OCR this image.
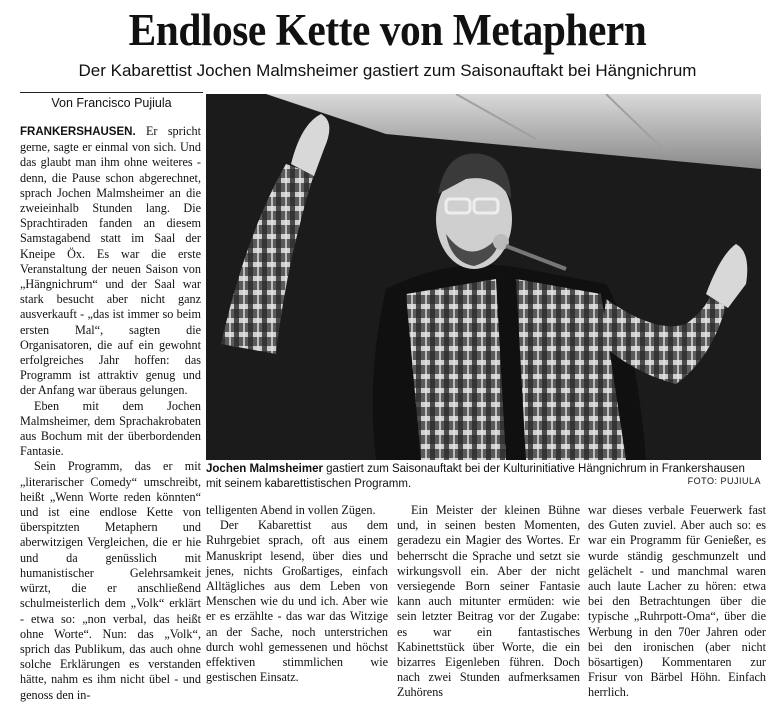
Endlose Kette von Metaphern
Der Kabarettist Jochen Malmsheimer gastiert zum Saisonauftakt bei Hängnichrum
Von Francisco Pujiula
Jochen Malmsheimer gastiert zum Saisonauftakt bei der Kulturinitiative Hängnichrum in Frankershausen mit seinem kabarettistischen Programm.	FOTO: PUJIULA

FRANKERSHAUSEN. Er spricht gerne, sagte er einmal von sich. Und das glaubt man ihm ohne weiteres - denn, die Pause schon abgerechnet, sprach Jochen Malmsheimer an die zweieinhalb Stunden lang. Die Sprachtiraden fanden an diesem Samstagabend statt im Saal der Kneipe Öx. Es war die erste Veranstaltung der neuen Saison von „Hängnichrum“ und der Saal war stark besucht aber nicht ganz ausverkauft - „das ist immer so beim ersten Mal“, sagten die Organisatoren, die auf ein gewohnt erfolgreiches Jahr hoffen: das Programm ist attraktiv genug und der Anfang war überaus gelungen.

Eben mit dem Jochen Malmsheimer, dem Sprachakrobaten aus Bochum mit der überbordenden Fantasie.

Sein Programm, das er mit „literarischer Comedy“ umschreibt, heißt „Wenn Worte reden könnten“ und ist eine endlose Kette von überspitzten Metaphern und aberwitzigen Vergleichen, die er hie und da genüsslich mit humanistischer Gelehrsamkeit würzt, die er anschließend schulmeisterlich dem „Volk“ erklärt - etwa so: „non verbal, das heißt ohne Worte“. Nun: das „Volk“, sprich das Publikum, das auch ohne solche Erklärungen es verstanden hätte, nahm es ihm nicht übel - und genoss den in-

telligenten Abend in vollen Zügen.

Der Kabarettist aus dem Ruhrgebiet sprach, oft aus einem Manuskript lesend, über dies und jenes, nichts Großartiges, einfach Alltägliches aus dem Leben von Menschen wie du und ich. Aber wie er es erzählte - das war das Witzige an der Sache, noch unterstrichen durch wohl gemessenen und höchst effektiven stimmlichen wie gestischen Einsatz.

Ein Meister der kleinen Bühne und, in seinen besten Momenten, geradezu ein Magier des Wortes. Er beherrscht die Sprache und setzt sie wirkungsvoll ein. Aber der nicht versiegende Born seiner Fantasie kann auch mitunter ermüden: wie sein letzter Beitrag vor der Zugabe: es war ein fantastisches Kabinettstück über Worte, die ein bizarres Eigenleben führen. Doch nach zwei Stunden aufmerksamen Zuhörens

war dieses verbale Feuerwerk fast des Guten zuviel. Aber auch so: es war ein Programm für Genießer, es wurde ständig geschmunzelt und gelächelt - und manchmal waren auch laute Lacher zu hören: etwa bei den Betrachtungen über die typische „Ruhrpott-Oma“, über die Werbung in den 70er Jahren oder bei den ironischen (aber nicht bösartigen) Kommentaren zur Frisur von Bärbel Höhn. Einfach herrlich.
